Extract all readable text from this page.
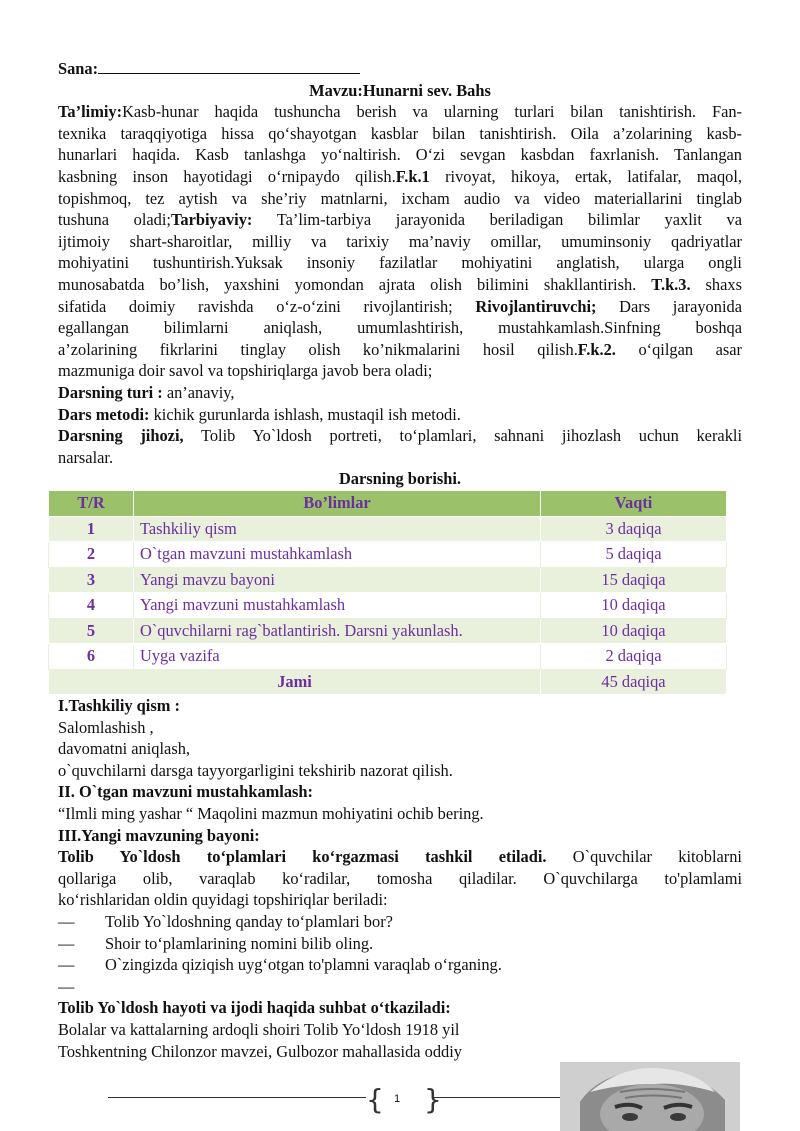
Sana:
Mavzu:Hunarni sev. Bahs
Ta’limiy:Kasb-hunar haqida tushuncha berish va ularning turlari bilan tanishtirish. Fan-
texnika taraqqiyotiga hissa qo‘shayotgan kasblar bilan tanishtirish. Oila a’zolarining kasb-
hunarlari haqida. Kasb tanlashga yo‘naltirish. O‘zi sevgan kasbdan faxrlanish. Tanlangan
kasbning inson hayotidagi o‘rnipaydo qilish.F.k.1 rivoyat, hikoya, ertak, latifalar, maqol,
topishmoq, tez aytish va she’riy matnlarni, ixcham audio va video materiallarini tinglab
tushuna oladi;Tarbiyaviy: Ta’lim-tarbiya jarayonida beriladigan bilimlar yaxlit va
ijtimoiy shart-sharoitlar, milliy va tarixiy ma’naviy omillar, umuminsoniy qadriyatlar
mohiyatini tushuntirish.Yuksak insoniy fazilatlar mohiyatini anglatish, ularga ongli
munosabatda bo’lish, yaxshini yomondan ajrata olish bilimini shakllantirish. T.k.3. shaxs
sifatida doimiy ravishda o‘z-o‘zini rivojlantirish; Rivojlantiruvchi; Dars jarayonida
egallangan bilimlarni aniqlash, umumlashtirish, mustahkamlash.Sinfning boshqa
a’zolarining fikrlarini tinglay olish ko’nikmalarini hosil qilish.F.k.2. o‘qilgan asar
mazmuniga doir savol va topshiriqlarga javob bera oladi;
Darsning turi : an’anaviy,
Dars metodi: kichik gurunlarda ishlash, mustaqil ish metodi.
Darsning jihozi, Tolib Yo`ldosh portreti, to‘plamlari, sahnani jihozlash uchun kerakli
narsalar.
Darsning borishi.
T/R	Bo’limlar	Vaqti
1	Tashkiliy qism	3 daqiqa
2	O`tgan mavzuni mustahkamlash	5 daqiqa
3	Yangi mavzu bayoni	15 daqiqa
4	Yangi mavzuni mustahkamlash	10 daqiqa
5	O`quvchilarni rag`batlantirish. Darsni yakunlash.	10 daqiqa
6	Uyga vazifa	2 daqiqa
Jami		45 daqiqa
I.Tashkiliy qism :
Salomlashish ,
davomatni aniqlash,
o`quvchilarni darsga tayyorgarligini tekshirib nazorat qilish.
II. O`tgan mavzuni mustahkamlash:
“Ilmli ming yashar “ Maqolini mazmun mohiyatini ochib bering.
III.Yangi mavzuning bayoni:
Tolib Yo`ldosh to‘plamlari ko‘rgazmasi tashkil etiladi. O`quvchilar kitoblarni
qollariga olib, varaqlab ko‘radilar, tomosha qiladilar. O`quvchilarga to'plamlami
ko‘rishlaridan oldin quyidagi topshiriqlar beriladi:
— Tolib Yo`ldoshning qanday to‘plamlari bor?
— Shoir to‘plamlarining nomini bilib oling.
— O`zingizda qiziqish uyg‘otgan to'plamni varaqlab o‘rganing.
—
Tolib Yo`ldosh hayoti va ijodi haqida suhbat o‘tkaziladi:
Bolalar va kattalarning ardoqli shoiri Tolib Yo‘ldosh 1918 yil
Toshkentning Chilonzor mavzei, Gulbozor mahallasida oddiy
{ 1 }
